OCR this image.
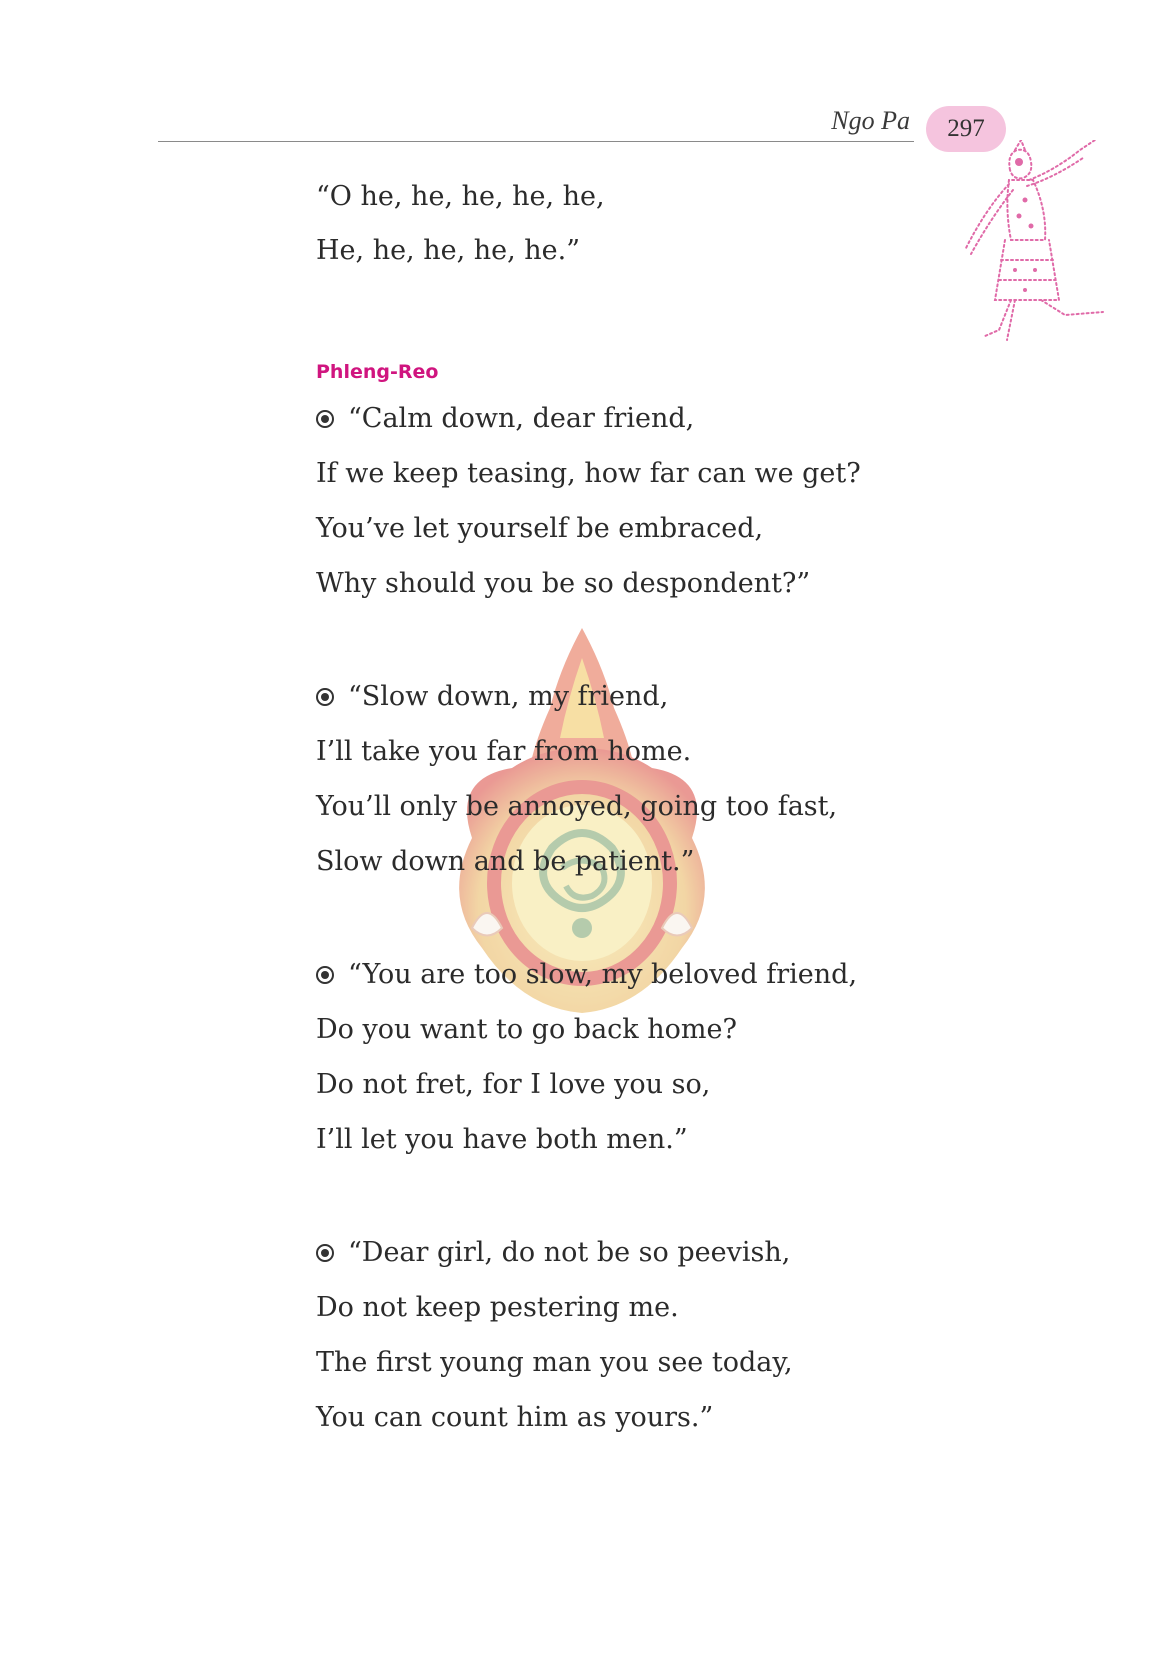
Ngo Pa 297
“O he, he, he, he, he,
He, he, he, he, he.”
Phleng-Reo
“Calm down, dear friend,
If we keep teasing, how far can we get?
You’ve let yourself be embraced,
Why should you be so despondent?”
“Slow down, my friend,
I’ll take you far from home.
You’ll only be annoyed, going too fast,
Slow down and be patient.”
“You are too slow, my beloved friend,
Do you want to go back home?
Do not fret, for I love you so,
I’ll let you have both men.”
“Dear girl, do not be so peevish,
Do not keep pestering me.
The first young man you see today,
You can count him as yours.”
